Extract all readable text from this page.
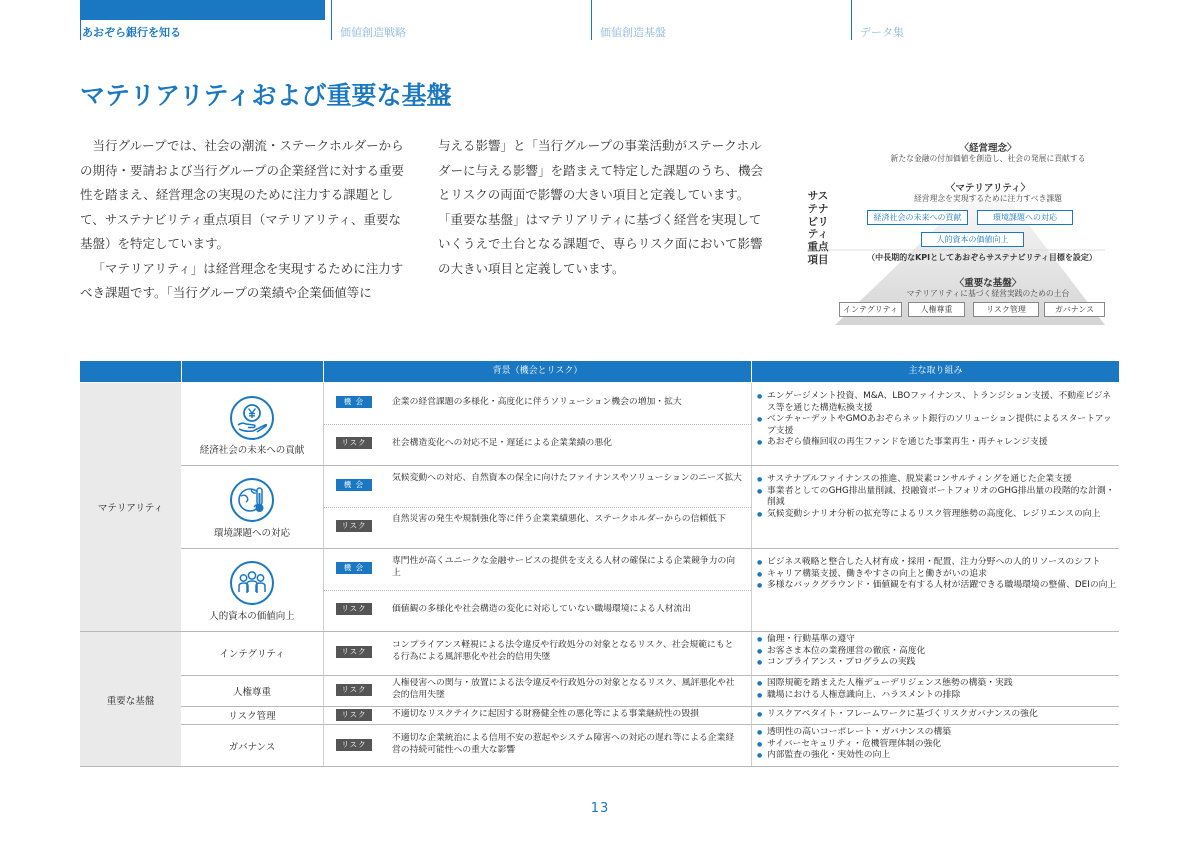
あおぞら銀行を知る	価値創造戦略	価値創造基盤	データ集
マテリアリティおよび重要な基盤

当行グループでは、社会の潮流・ステークホルダーからの期待・要請および当行グループの企業経営に対する重要性を踏まえ、経営理念の実現のために注力する課題として、サステナビリティ重点項目（マテリアリティ、重要な基盤）を特定しています。

「マテリアリティ」は経営理念を実現するために注力すべき課題です。「当行グループの業績や企業価値等に

与える影響」と「当行グループの事業活動がステークホルダーに与える影響」を踏まえて特定した課題のうち、機会とリスクの両面で影響の大きい項目と定義しています。「重要な基盤」はマテリアリティに基づく経営を実現していくうえで土台となる課題で、専らリスク面において影響の大きい項目と定義しています。

サステナビリティ重点項目
〈経営理念〉
新たな金融の付加価値を創造し、社会の発展に貢献する
〈マテリアリティ〉
経営理念を実現するために注力すべき課題
経済社会の未来への貢献	環境課題への対応
人的資本の価値向上
（中長期的なKPIとしてあおぞらサステナビリティ目標を設定）
〈重要な基盤〉
マテリアリティに基づく経営実践のための土台
インテグリティ	人権尊重	リスク管理	ガバナンス
背景（機会とリスク）	主な取り組み
マテリアリティ
重要な基盤
経済社会の未来への貢献
機 会	企業の経営課題の多様化・高度化に伴うソリューション機会の増加・拡大
リスク	社会構造変化への対応不足・遅延による企業業績の悪化
● エンゲージメント投資、M&A、LBOファイナンス、トランジション支援、不動産ビジネス等を通じた構造転換支援
● ベンチャーデットやGMOあおぞらネット銀行のソリューション提供によるスタートアップ支援
● あおぞら債権回収の再生ファンドを通じた事業再生・再チャレンジ支援
環境課題への対応
機 会
気候変動への対応、自然資本の保全に向けたファイナンスやソリューションのニーズ拡大
リスク
自然災害の発生や規制強化等に伴う企業業績悪化、ステークホルダーからの信頼低下
● サステナブルファイナンスの推進、脱炭素コンサルティングを通じた企業支援
● 事業者としてのGHG排出量削減、投融資ポートフォリオのGHG排出量の段階的な計測・削減
● 気候変動シナリオ分析の拡充等によるリスク管理態勢の高度化、レジリエンスの向上
人的資本の価値向上
機 会
専門性が高くユニークな金融サービスの提供を支える人材の確保による企業競争力の向上
リスク	価値観の多様化や社会構造の変化に対応していない職場環境による人材流出
● ビジネス戦略と整合した人材育成・採用・配置、注力分野への人的リソースのシフト
● キャリア構築支援、働きやすさの向上と働きがいの追求
● 多様なバックグラウンド・価値観を有する人材が活躍できる職場環境の整備、DEIの向上
インテグリティ	リスク
コンプライアンス軽視による法令違反や行政処分の対象となるリスク、社会規範にもとる行為による風評悪化や社会的信用失墜
● 倫理・行動基準の遵守
● お客さま本位の業務運営の徹底・高度化
● コンプライアンス・プログラムの実践
人権尊重	リスク
人権侵害への関与・放置による法令違反や行政処分の対象となるリスク、風評悪化や社会的信用失墜
● 国際規範を踏まえた人権デューデリジェンス態勢の構築・実践
● 職場における人権意識向上、ハラスメントの排除
リスク管理	リスク	不適切なリスクテイクに起因する財務健全性の悪化等による事業継続性の毀損
●	リスクアペタイト・フレームワークに基づくリスクガバナンスの強化
ガバナンス	リスク
不適切な企業統治による信用不安の惹起やシステム障害への対応の遅れ等による企業経営の持続可能性への重大な影響
● 透明性の高いコーポレート・ガバナンスの構築
● サイバーセキュリティ・危機管理体制の強化
● 内部監査の強化・実効性の向上
13
